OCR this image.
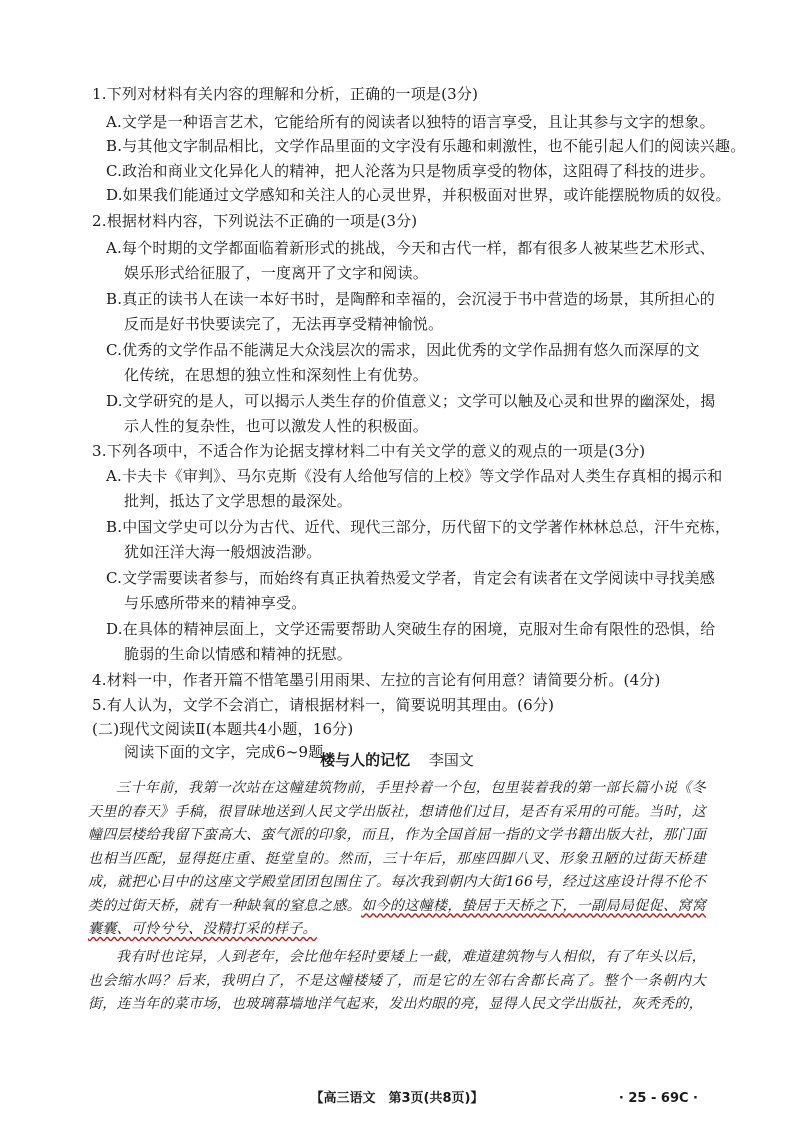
1.下列对材料有关内容的理解和分析，正确的一项是(3分)
A.文学是一种语言艺术，它能给所有的阅读者以独特的语言享受，且让其参与文字的想象。
B.与其他文字制品相比，文学作品里面的文字没有乐趣和刺激性，也不能引起人们的阅读兴趣。
C.政治和商业文化异化人的精神，把人沦落为只是物质享受的物体，这阻碍了科技的进步。
D.如果我们能通过文学感知和关注人的心灵世界，并积极面对世界，或许能摆脱物质的奴役。
2.根据材料内容，下列说法不正确的一项是(3分)
A.每个时期的文学都面临着新形式的挑战，今天和古代一样，都有很多人被某些艺术形式、
娱乐形式给征服了，一度离开了文字和阅读。
B.真正的读书人在读一本好书时，是陶醉和幸福的，会沉浸于书中营造的场景，其所担心的
反而是好书快要读完了，无法再享受精神愉悦。
C.优秀的文学作品不能满足大众浅层次的需求，因此优秀的文学作品拥有悠久而深厚的文
化传统，在思想的独立性和深刻性上有优势。
D.文学研究的是人，可以揭示人类生存的价值意义；文学可以触及心灵和世界的幽深处，揭
示人性的复杂性，也可以激发人性的积极面。
3.下列各项中，不适合作为论据支撑材料二中有关文学的意义的观点的一项是(3分)
A.卡夫卡《审判》、马尔克斯《没有人给他写信的上校》等文学作品对人类生存真相的揭示和
批判，抵达了文学思想的最深处。
B.中国文学史可以分为古代、近代、现代三部分，历代留下的文学著作林林总总，汗牛充栋，
犹如汪洋大海一般烟波浩渺。
C.文学需要读者参与，而始终有真正执着热爱文学者，肯定会有读者在文学阅读中寻找美感
与乐感所带来的精神享受。
D.在具体的精神层面上，文学还需要帮助人突破生存的困境，克服对生命有限性的恐惧，给
脆弱的生命以情感和精神的抚慰。
4.材料一中，作者开篇不惜笔墨引用雨果、左拉的言论有何用意？请简要分析。(4分)
5.有人认为，文学不会消亡，请根据材料一，简要说明其理由。(6分)
(二)现代文阅读Ⅱ(本题共4小题，16分)
阅读下面的文字，完成6~9题。
楼与人的记忆 李国文
三十年前，我第一次站在这幢建筑物前，手里拎着一个包，包里装着我的第一部长篇小说《冬天里的春天》手稿，很冒昧地送到人民文学出版社，想请他们过目，是否有采用的可能。当时，这幢四层楼给我留下蛮高大、蛮气派的印象，而且，作为全国首屈一指的文学书籍出版大社，那门面也相当匹配，显得挺庄重、挺堂皇的。然而，三十年后，那座四脚八叉、形象丑陋的过街天桥建成，就把心目中的这座文学殿堂团团包围住了。每次我到朝内大街166号，经过这座设计得不伦不类的过街天桥，就有一种缺氧的窒息之感。如今的这幢楼，蛰居于天桥之下，一副局局促促、窝窝囊囊、可怜兮兮、没精打采的样子。
我有时也诧异，人到老年，会比他年轻时要矮上一截，难道建筑物与人相似，有了年头以后，也会缩水吗？后来，我明白了，不是这幢楼矮了，而是它的左邻右舍都长高了。整个一条朝内大街，连当年的菜市场，也玻璃幕墙地洋气起来，发出灼眼的亮，显得人民文学出版社，灰秃秃的，
【高三语文　第3页(共8页)】	· 25 - 69C ·
